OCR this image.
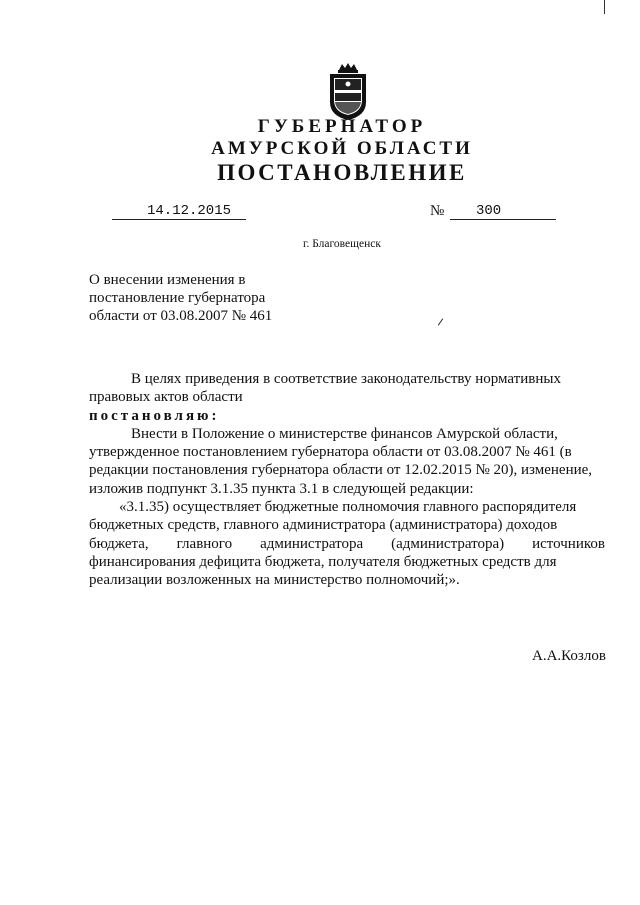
ГУБЕРНАТОР
АМУРСКОЙ ОБЛАСТИ
ПОСТАНОВЛЕНИЕ
14.12.2015	№	300
г. Благовещенск
О внесении изменения в
постановление губернатора
области от 03.08.2007 № 461
В целях приведения в соответствие законодательству нормативных
правовых актов области
постановляю:
Внести в Положение о министерстве финансов Амурской области,
утвержденное постановлением губернатора области от 03.08.2007 № 461 (в
редакции постановления губернатора области от 12.02.2015 № 20), изменение,
изложив подпункт 3.1.35 пункта 3.1 в следующей редакции:
«3.1.35) осуществляет бюджетные полномочия главного распорядителя
бюджетных средств, главного администратора (администратора) доходов
бюджета, главного администратора (администратора) источников
финансирования дефицита бюджета, получателя бюджетных средств для
реализации возложенных на министерство полномочий;».
А.А.Козлов
